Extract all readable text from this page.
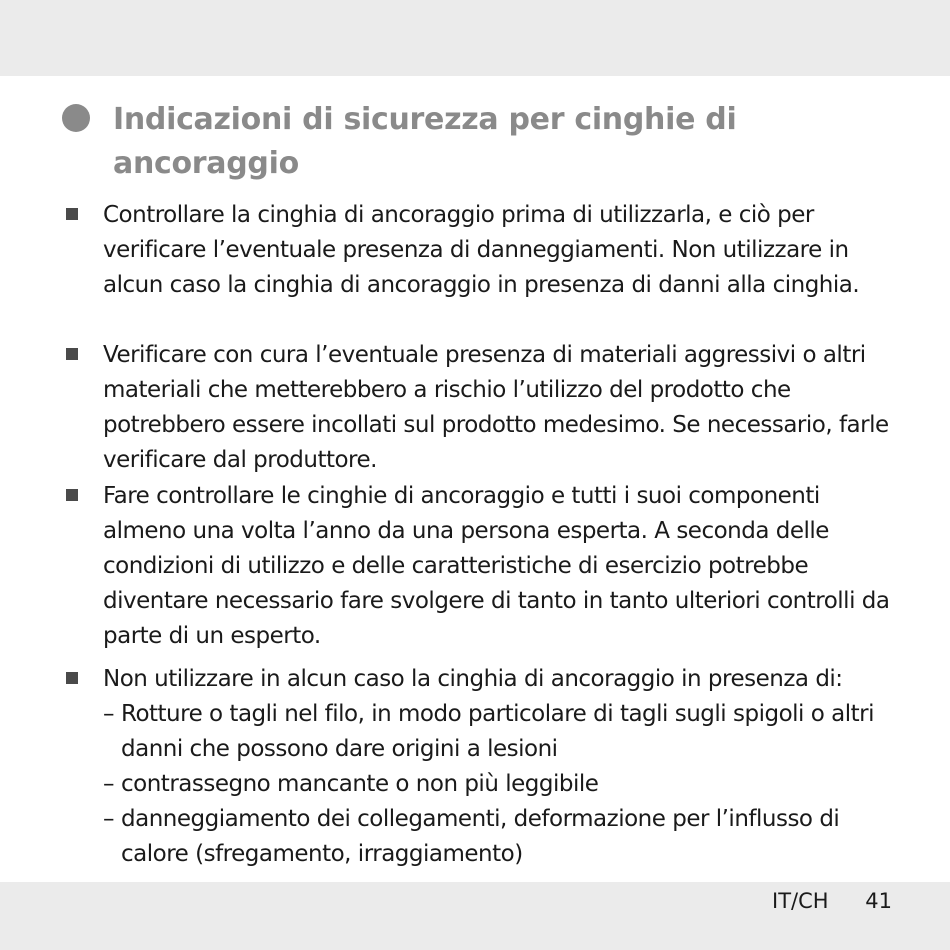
Indicazioni di sicurezza per cinghie di ancoraggio
Controllare la cinghia di ancoraggio prima di utilizzarla, e ciò per verificare l’eventuale presenza di danneggiamenti. Non utilizzare in alcun caso la cinghia di ancoraggio in presenza di danni alla cinghia.
Verificare con cura l’eventuale presenza di materiali aggressivi o altri materiali che metterebbero a rischio l’utilizzo del prodotto che potrebbero essere incollati sul prodotto medesimo. Se necessario, farle verificare dal produttore.
Fare controllare le cinghie di ancoraggio e tutti i suoi componenti almeno una volta l’anno da una persona esperta. A seconda delle condizioni di utilizzo e delle caratteristiche di esercizio potrebbe diventare necessario fare svolgere di tanto in tanto ulteriori controlli da parte di un esperto.
Non utilizzare in alcun caso la cinghia di ancoraggio in presenza di:
– Rotture o tagli nel filo, in modo particolare di tagli sugli spigoli o altri danni che possono dare origini a lesioni
– contrassegno mancante o non più leggibile
– danneggiamento dei collegamenti, deformazione per l’influsso di calore (sfregamento, irraggiamento)
IT/CH 41
